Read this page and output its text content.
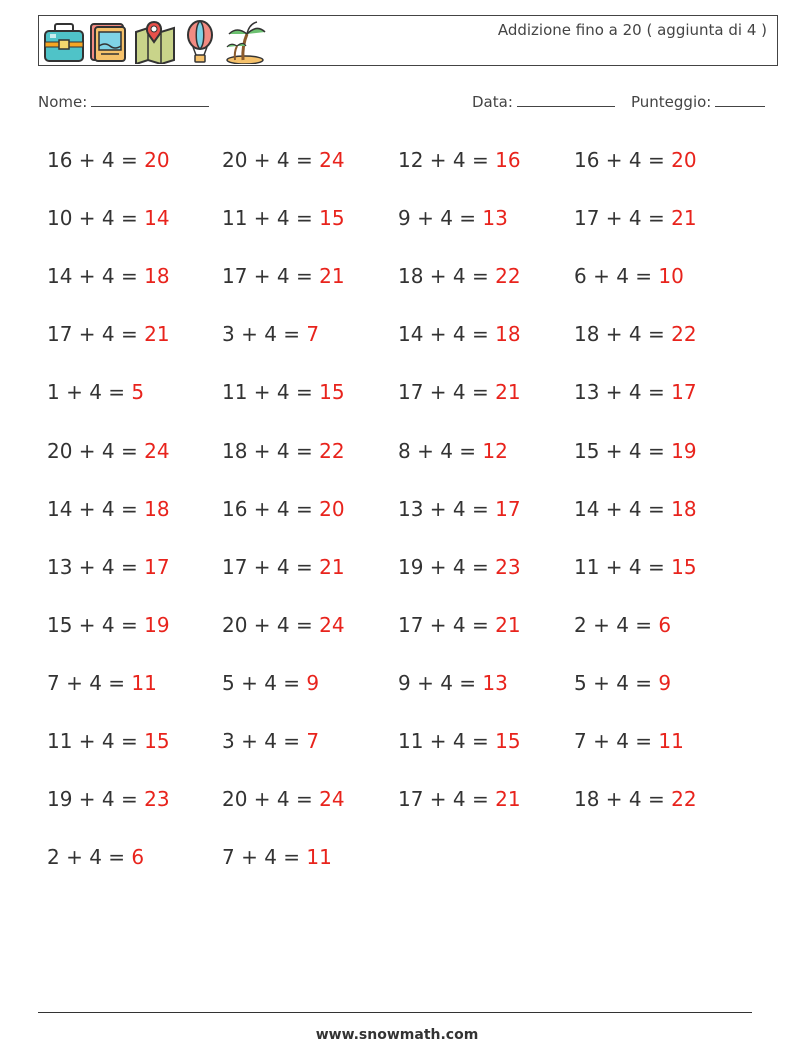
Addizione fino a 20 ( aggiunta di 4 )
Nome:	Data:	Punteggio:
16 + 4 = 20	20 + 4 = 24	12 + 4 = 16	16 + 4 = 20
10 + 4 = 14	11 + 4 = 15	9 + 4 = 13	17 + 4 = 21
14 + 4 = 18	17 + 4 = 21	18 + 4 = 22	6 + 4 = 10
17 + 4 = 21	3 + 4 = 7	14 + 4 = 18	18 + 4 = 22
1 + 4 = 5	11 + 4 = 15	17 + 4 = 21	13 + 4 = 17
20 + 4 = 24	18 + 4 = 22	8 + 4 = 12	15 + 4 = 19
14 + 4 = 18	16 + 4 = 20	13 + 4 = 17	14 + 4 = 18
13 + 4 = 17	17 + 4 = 21	19 + 4 = 23	11 + 4 = 15
15 + 4 = 19	20 + 4 = 24	17 + 4 = 21	2 + 4 = 6
7 + 4 = 11	5 + 4 = 9	9 + 4 = 13	5 + 4 = 9
11 + 4 = 15	3 + 4 = 7	11 + 4 = 15	7 + 4 = 11
19 + 4 = 23	20 + 4 = 24	17 + 4 = 21	18 + 4 = 22
2 + 4 = 6	7 + 4 = 11
www.snowmath.com
